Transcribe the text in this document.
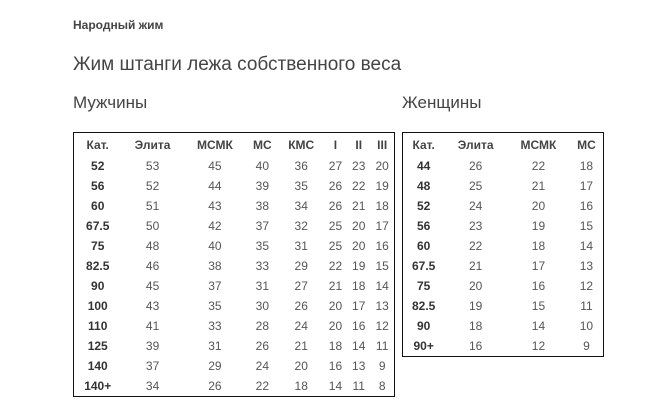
Народный жим
Жим штанги лежа собственного веса
Мужчины	Женщины
Кат.	Элита	МСМК	МС	КМС	I	II	III
52	53	45	40	36	27	23	20
56	52	44	39	35	26	22	19
60	51	43	38	34	26	21	18
67.5	50	42	37	32	25	20	17
75	48	40	35	31	25	20	16
82.5	46	38	33	29	22	19	15
90	45	37	31	27	21	18	14
100	43	35	30	26	20	17	13
110	41	33	28	24	20	16	12
125	39	31	26	21	18	14	11
140	37	29	24	20	16	13	9
140+	34	26	22	18	14	11	8
Кат.	Элита	МСМК	МС
44	26	22	18
48	25	21	17
52	24	20	16
56	23	19	15
60	22	18	14
67.5	21	17	13
75	20	16	12
82.5	19	15	11
90	18	14	10
90+	16	12	9
